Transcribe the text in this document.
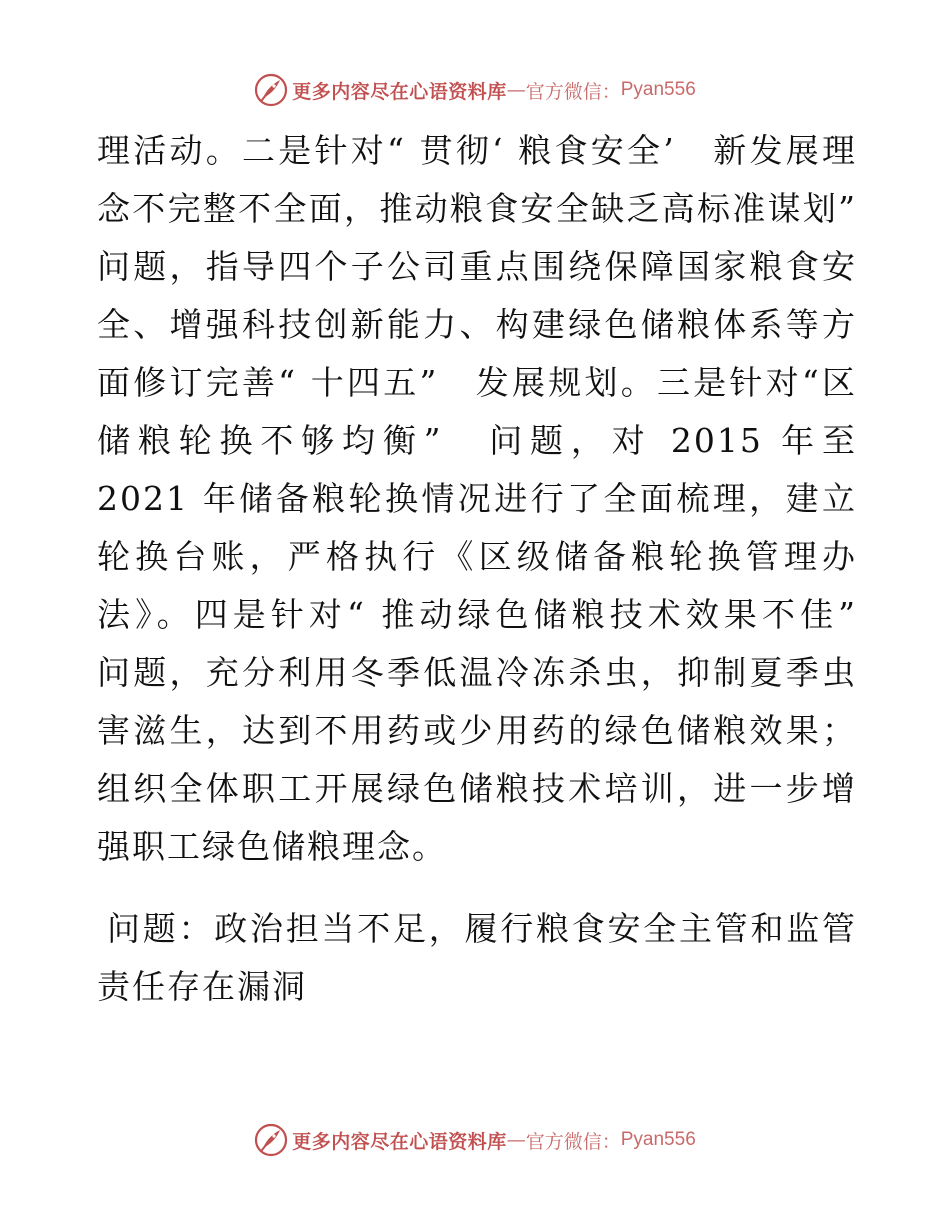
更多内容尽在心语资料库 — 官方微信： Pyan556

理活动。二是针对“ 贯彻‘ 粮食安全’　新发展理念不完整不全面，推动粮食安全缺乏高标准谋划”　问题，指导四个子公司重点围绕保障国家粮食安全、增强科技创新能力、构建绿色储粮体系等方面修订完善“ 十四五”　发展规划。三是针对“区储粮轮换不够均衡”　问题，对 2015 年至 2021 年储备粮轮换情况进行了全面梳理，建立轮换台账，严格执行《区级储备粮轮换管理办法》。四是针对“ 推动绿色储粮技术效果不佳”　问题，充分利用冬季低温冷冻杀虫，抑制夏季虫害滋生，达到不用药或少用药的绿色储粮效果；组织全体职工开展绿色储粮技术培训，进一步增强职工绿色储粮理念。

问题：政治担当不足，履行粮食安全主管和监管责任存在漏洞

更多内容尽在心语资料库 — 官方微信： Pyan556
